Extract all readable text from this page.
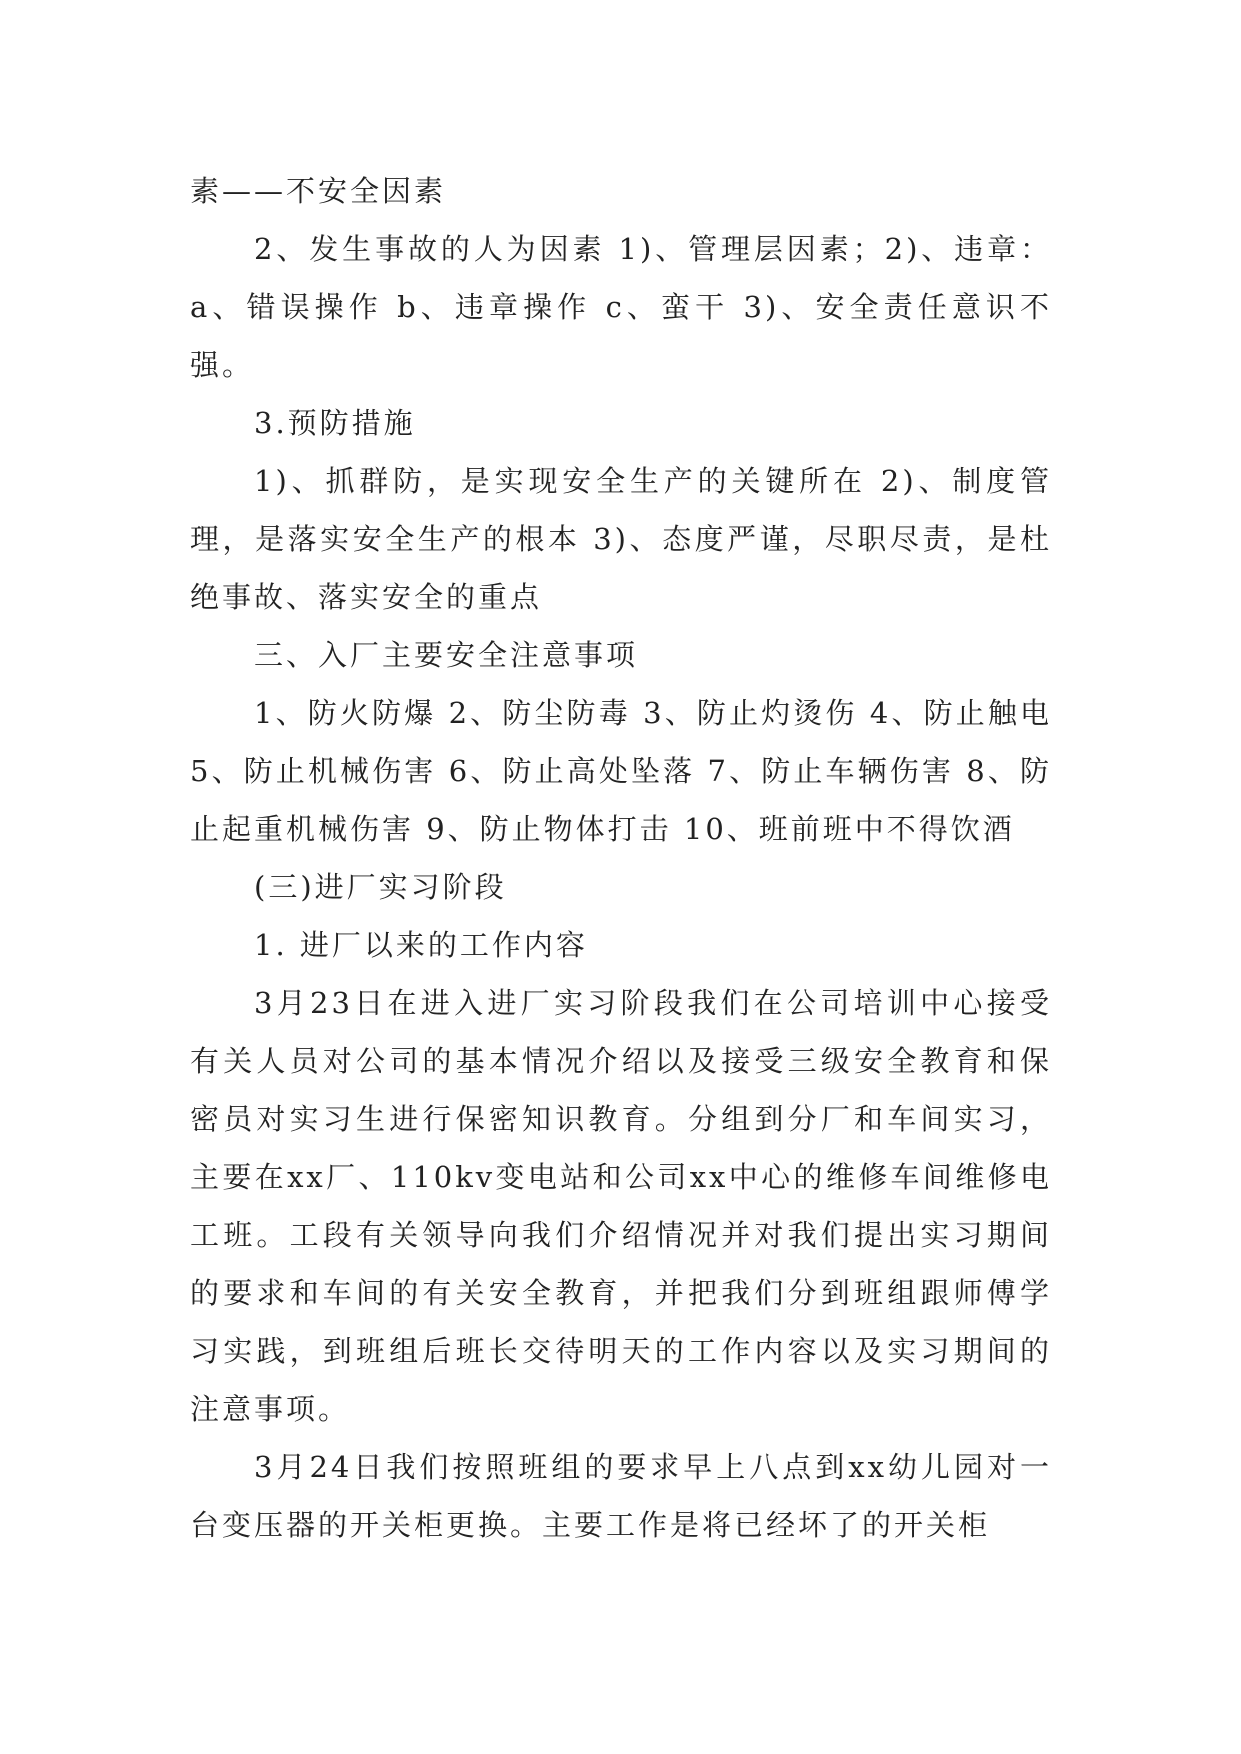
素——不安全因素

2、发生事故的人为因素 1)、管理层因素；2)、违章：a、错误操作 b、违章操作 c、蛮干 3)、安全责任意识不强。

3.预防措施

1)、抓群防，是实现安全生产的关键所在 2)、制度管理，是落实安全生产的根本 3)、态度严谨，尽职尽责，是杜绝事故、落实安全的重点

三、入厂主要安全注意事项

1、防火防爆 2、防尘防毒 3、防止灼烫伤 4、防止触电 5、防止机械伤害 6、防止高处坠落 7、防止车辆伤害 8、防止起重机械伤害 9、防止物体打击 10、班前班中不得饮酒

(三)进厂实习阶段

1. 进厂以来的工作内容

3月23日在进入进厂实习阶段我们在公司培训中心接受有关人员对公司的基本情况介绍以及接受三级安全教育和保密员对实习生进行保密知识教育。分组到分厂和车间实习，主要在xx厂、110kv变电站和公司xx中心的维修车间维修电工班。工段有关领导向我们介绍情况并对我们提出实习期间的要求和车间的有关安全教育，并把我们分到班组跟师傅学习实践，到班组后班长交待明天的工作内容以及实习期间的注意事项。

3月24日我们按照班组的要求早上八点到xx幼儿园对一台变压器的开关柜更换。主要工作是将已经坏了的开关柜
